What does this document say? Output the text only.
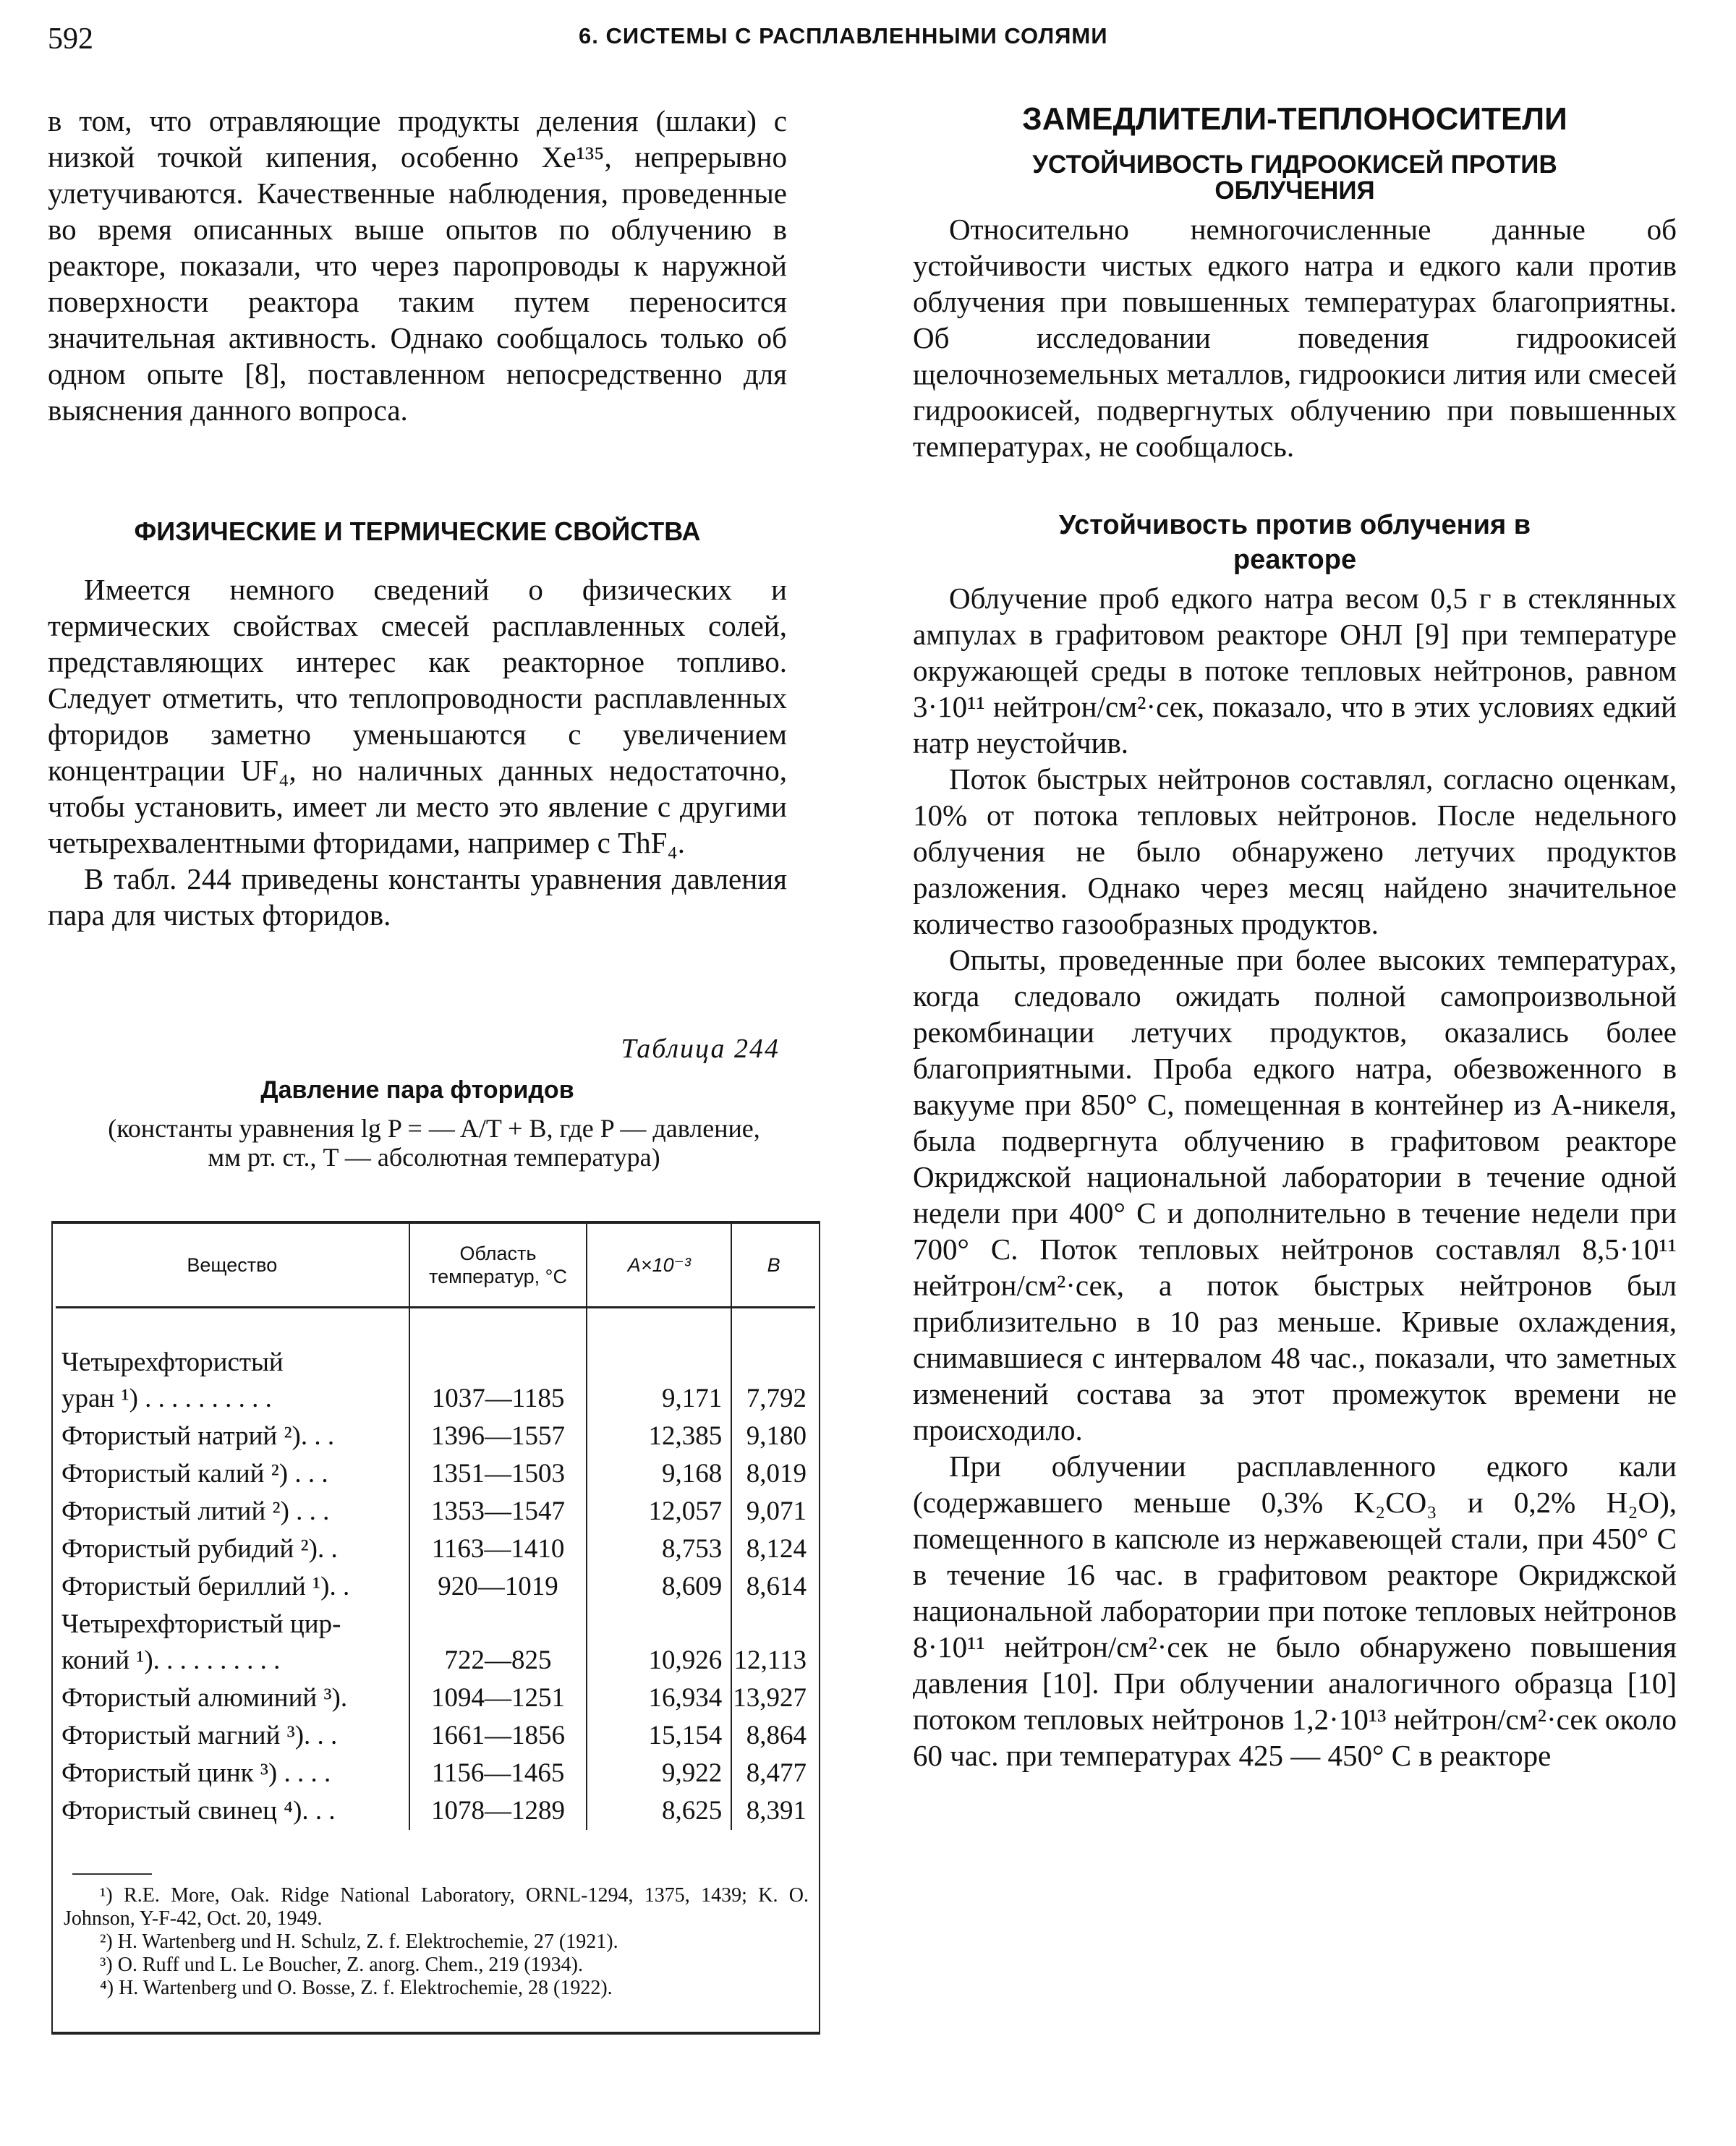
592	6. СИСТЕМЫ С РАСПЛАВЛЕННЫМИ СОЛЯМИ

в том, что отравляющие продукты деления (шлаки) с низкой точкой кипения, особенно Xe¹³⁵, непрерывно улетучиваются. Качественные наблюдения, проведенные во время описанных выше опытов по облучению в реакторе, показали, что через паропроводы к наружной поверхности реактора таким путем переносится значительная активность. Однако сообщалось только об одном опыте [8], поставленном непосредственно для выяснения данного вопроса.

ФИЗИЧЕСКИЕ И ТЕРМИЧЕСКИЕ СВОЙСТВА

Имеется немного сведений о физических и термических свойствах смесей расплавленных солей, представляющих интерес как реакторное топливо. Следует отметить, что теплопроводности расплавленных фторидов заметно уменьшаются с увеличением концентрации UF₄, но наличных данных недостаточно, чтобы установить, имеет ли место это явление с другими четырехвалентными фторидами, например с ThF₄.

В табл. 244 приведены константы уравнения давления пара для чистых фторидов.

Таблица 244
Давление пара фторидов
(константы уравнения lg P = — A/T + B, где P — давление, мм рт. ст., T — абсолютная температура)
Вещество	Область температур, °C	A×10⁻³	B
Четырехфтористый
уран ¹) . . . . . . . . . .	1037—1185	9,171	7,792
Фтористый натрий ²). . .	1396—1557	12,385	9,180
Фтористый калий ²) . . .	1351—1503	9,168	8,019
Фтористый литий ²) . . .	1353—1547	12,057	9,071
Фтористый рубидий ²). .	1163—1410	8,753	8,124
Фтористый бериллий ¹). .	920—1019	8,609	8,614
Четырехфтористый цир-
коний ¹). . . . . . . . . .	722—825	10,926	12,113
Фтористый алюминий ³).	1094—1251	16,934	13,927
Фтористый магний ³). . .	1661—1856	15,154	8,864
Фтористый цинк ³) . . . .	1156—1465	9,922	8,477
Фтористый свинец ⁴). . .	1078—1289	8,625	8,391

¹) R.E. More, Oak. Ridge National Laboratory, ORNL-1294, 1375, 1439; K. O. Johnson, Y-F-42, Oct. 20, 1949.

²) H. Wartenberg und H. Schulz, Z. f. Elektrochemie, 27 (1921).

³) O. Ruff und L. Le Boucher, Z. anorg. Chem., 219 (1934).

⁴) H. Wartenberg und O. Bosse, Z. f. Elektrochemie, 28 (1922).

ЗАМЕДЛИТЕЛИ-ТЕПЛОНОСИТЕЛИ
УСТОЙЧИВОСТЬ ГИДРООКИСЕЙ ПРОТИВ ОБЛУЧЕНИЯ

Относительно немногочисленные данные об устойчивости чистых едкого натра и едкого кали против облучения при повышенных температурах благоприятны. Об исследовании поведения гидроокисей щелочноземельных металлов, гидроокиси лития или смесей гидроокисей, подвергнутых облучению при повышенных температурах, не сообщалось.

Устойчивость против облучения в реакторе

Облучение проб едкого натра весом 0,5 г в стеклянных ампулах в графитовом реакторе ОНЛ [9] при температуре окружающей среды в потоке тепловых нейтронов, равном 3·10¹¹ нейтрон/см²·сек, показало, что в этих условиях едкий натр неустойчив.

Поток быстрых нейтронов составлял, согласно оценкам, 10% от потока тепловых нейтронов. После недельного облучения не было обнаружено летучих продуктов разложения. Однако через месяц найдено значительное количество газообразных продуктов.

Опыты, проведенные при более высоких температурах, когда следовало ожидать полной самопроизвольной рекомбинации летучих продуктов, оказались более благоприятными. Проба едкого натра, обезвоженного в вакууме при 850° C, помещенная в контейнер из А-никеля, была подвергнута облучению в графитовом реакторе Окриджской национальной лаборатории в течение одной недели при 400° C и дополнительно в течение недели при 700° C. Поток тепловых нейтронов составлял 8,5·10¹¹ нейтрон/см²·сек, а поток быстрых нейтронов был приблизительно в 10 раз меньше. Кривые охлаждения, снимавшиеся с интервалом 48 час., показали, что заметных изменений состава за этот промежуток времени не происходило.

При облучении расплавленного едкого кали (содержавшего меньше 0,3% K₂CO₃ и 0,2% H₂O), помещенного в капсюле из нержавеющей стали, при 450° C в течение 16 час. в графитовом реакторе Окриджской национальной лаборатории при потоке тепловых нейтронов 8·10¹¹ нейтрон/см²·сек не было обнаружено повышения давления [10]. При облучении аналогичного образца [10] потоком тепловых нейтронов 1,2·10¹³ нейтрон/см²·сек около 60 час. при температурах 425 — 450° C в реакторе
